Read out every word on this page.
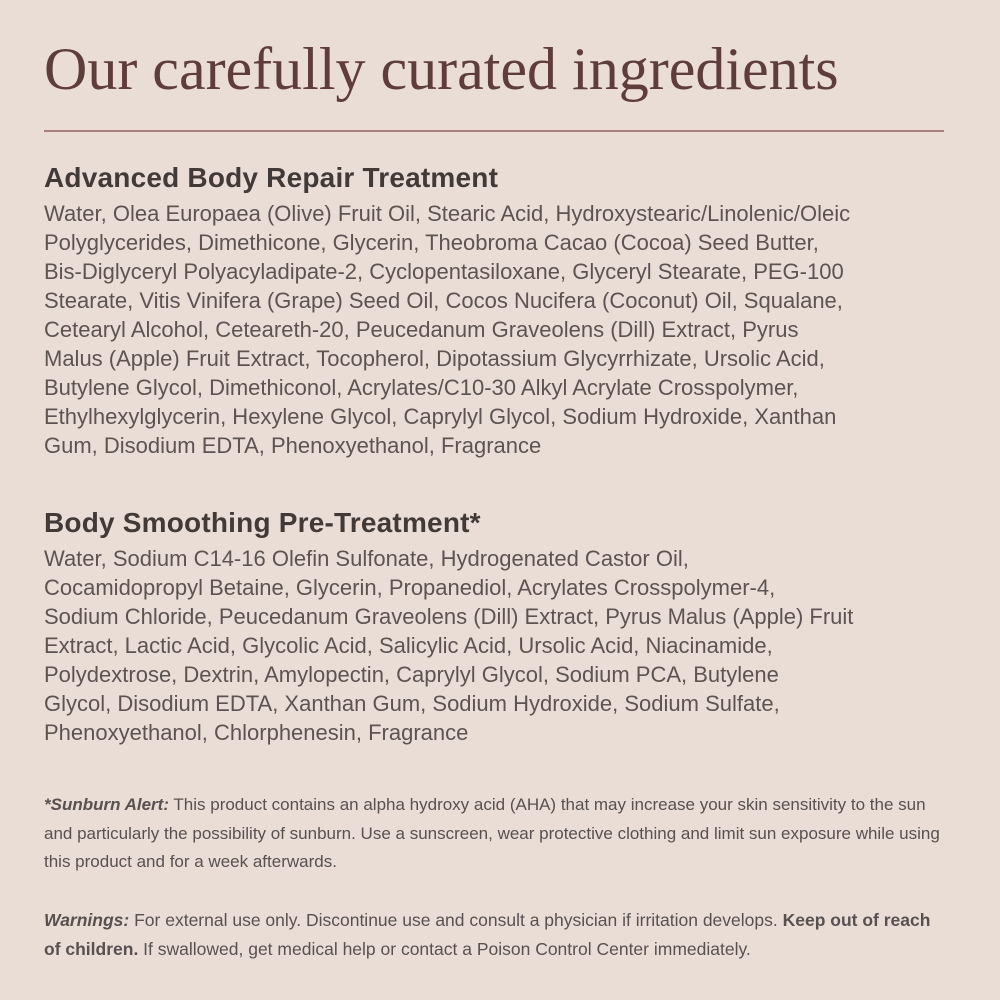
Our carefully curated ingredients
Advanced Body Repair Treatment
Water, Olea Europaea (Olive) Fruit Oil, Stearic Acid, Hydroxystearic/Linolenic/Oleic
Polyglycerides, Dimethicone, Glycerin, Theobroma Cacao (Cocoa) Seed Butter,
Bis-Diglyceryl Polyacyladipate-2, Cyclopentasiloxane, Glyceryl Stearate, PEG-100
Stearate, Vitis Vinifera (Grape) Seed Oil, Cocos Nucifera (Coconut) Oil, Squalane,
Cetearyl Alcohol, Ceteareth-20, Peucedanum Graveolens (Dill) Extract, Pyrus
Malus (Apple) Fruit Extract, Tocopherol, Dipotassium Glycyrrhizate, Ursolic Acid,
Butylene Glycol, Dimethiconol, Acrylates/C10-30 Alkyl Acrylate Crosspolymer,
Ethylhexylglycerin, Hexylene Glycol, Caprylyl Glycol, Sodium Hydroxide, Xanthan
Gum, Disodium EDTA, Phenoxyethanol, Fragrance
Body Smoothing Pre-Treatment*
Water, Sodium C14-16 Olefin Sulfonate, Hydrogenated Castor Oil,
Cocamidopropyl Betaine, Glycerin, Propanediol, Acrylates Crosspolymer-4,
Sodium Chloride, Peucedanum Graveolens (Dill) Extract, Pyrus Malus (Apple) Fruit
Extract, Lactic Acid, Glycolic Acid, Salicylic Acid, Ursolic Acid, Niacinamide,
Polydextrose, Dextrin, Amylopectin, Caprylyl Glycol, Sodium PCA, Butylene
Glycol, Disodium EDTA, Xanthan Gum, Sodium Hydroxide, Sodium Sulfate,
Phenoxyethanol, Chlorphenesin, Fragrance
*Sunburn Alert: This product contains an alpha hydroxy acid (AHA) that may increase your skin sensitivity to the sun and particularly the possibility of sunburn. Use a sunscreen, wear protective clothing and limit sun exposure while using this product and for a week afterwards.
Warnings: For external use only. Discontinue use and consult a physician if irritation develops. Keep out of reach of children. If swallowed, get medical help or contact a Poison Control Center immediately.
